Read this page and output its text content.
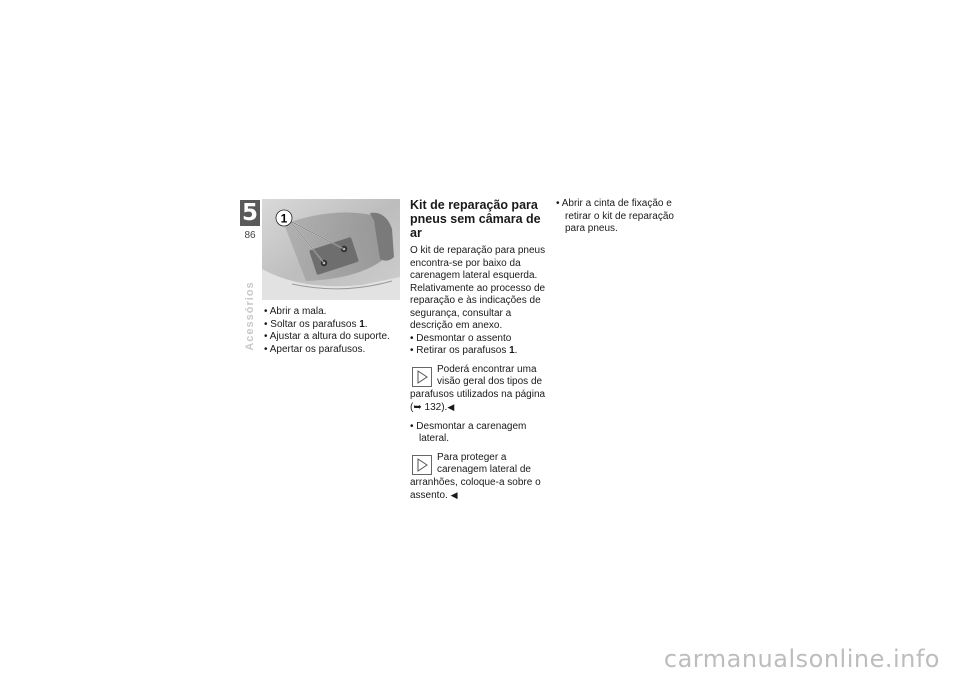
5
86
Acessórios
1

• Abrir a mala.

• Soltar os parafusos 1.

• Ajustar a altura do suporte.

• Apertar os parafusos.

Kit de reparação para pneus sem câmara de ar

O kit de reparação para pneus encontra-se por baixo da carenagem lateral esquerda. Relativamente ao processo de reparação e às indicações de segurança, consultar a descrição em anexo.

• Desmontar o assento

• Retirar os parafusos 1.

Poderá encontrar uma visão geral dos tipos de parafusos utilizados na página (➥ 132).◀

• Desmontar a carenagem lateral.

Para proteger a carenagem lateral de arranhões, coloque-a sobre o assento. ◀

• Abrir a cinta de fixação e retirar o kit de reparação para pneus.

carmanualsonline.info
